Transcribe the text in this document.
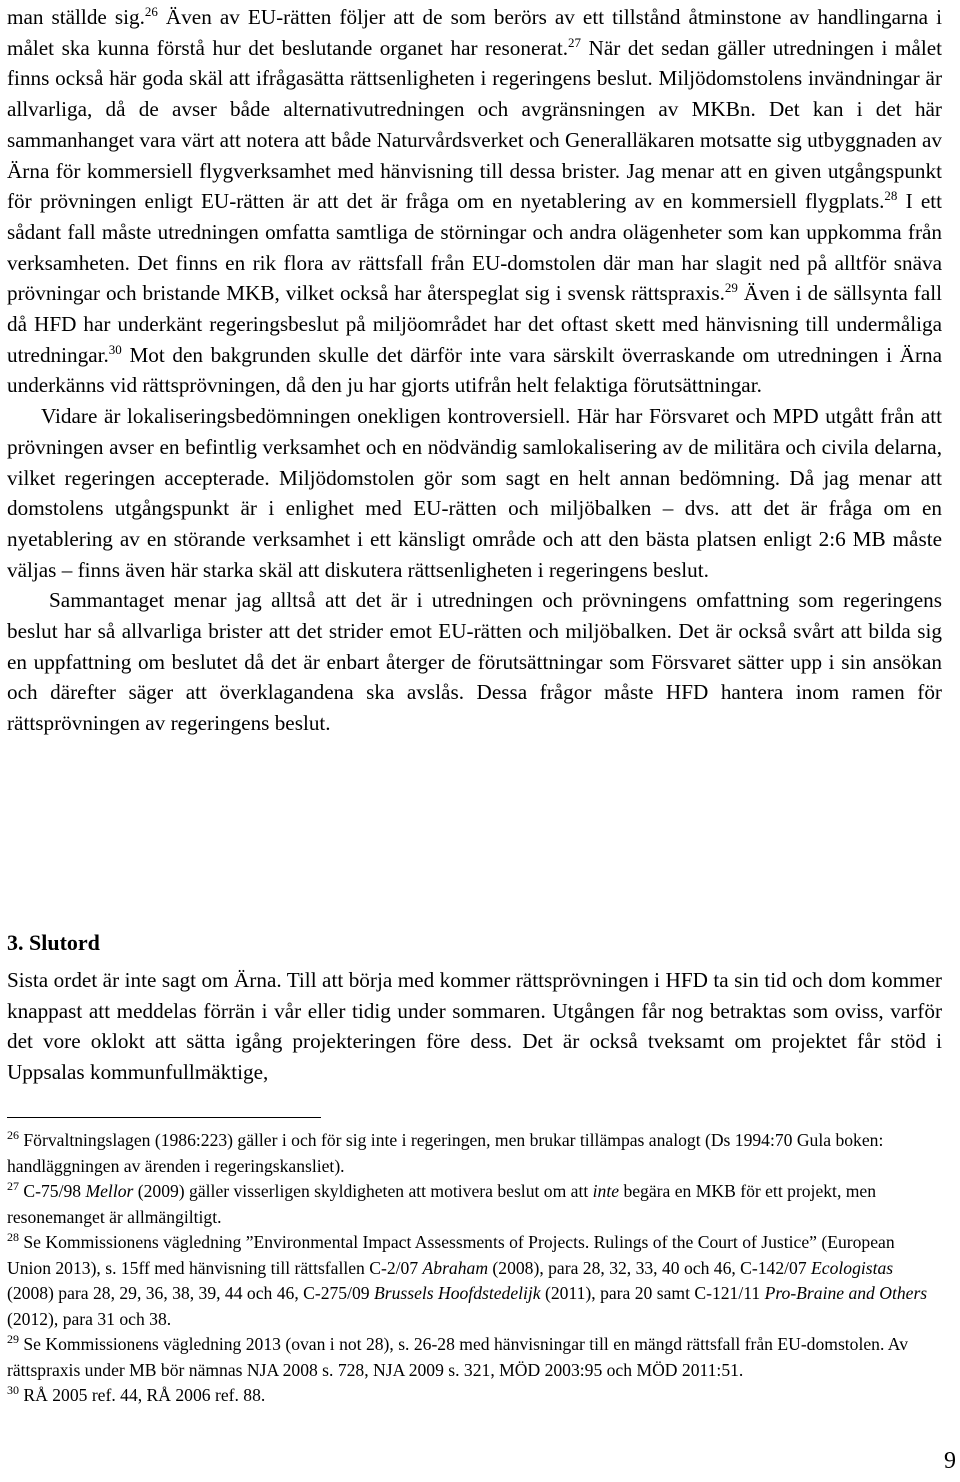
man ställde sig.$^{26}$ Även av EU-rätten följer att de som berörs av ett tillstånd åtminstone av handlingarna i målet ska kunna förstå hur det beslutande organet har resonerat.$^{27}$ När det sedan gäller utredningen i målet finns också här goda skäl att ifrågasätta rättsenligheten i regeringens beslut. Miljödomstolens invändningar är allvarliga, då de avser både alternativutredningen och avgränsningen av MKBn. Det kan i det här sammanhanget vara värt att notera att både Naturvårdsverket och Generalläkaren motsatte sig utbyggnaden av Ärna för kommersiell flygverksamhet med hänvisning till dessa brister. Jag menar att en given utgångspunkt för prövningen enligt EU-rätten är att det är fråga om en nyetablering av en kommersiell flygplats.$^{28}$ I ett sådant fall måste utredningen omfatta samtliga de störningar och andra olägenheter som kan uppkomma från verksamheten. Det finns en rik flora av rättsfall från EU-domstolen där man har slagit ned på alltför snäva prövningar och bristande MKB, vilket också har återspeglat sig i svensk rättspraxis.$^{29}$ Även i de sällsynta fall då HFD har underkänt regeringsbeslut på miljöområdet har det oftast skett med hänvisning till undermåliga utredningar.$^{30}$ Mot den bakgrunden skulle det därför inte vara särskilt överraskande om utredningen i Ärna underkänns vid rättsprövningen, då den ju har gjorts utifrån helt felaktiga förutsättningar.

Vidare är lokaliseringsbedömningen onekligen kontroversiell. Här har Försvaret och MPD utgått från att prövningen avser en befintlig verksamhet och en nödvändig samlokalisering av de militära och civila delarna, vilket regeringen accepterade. Miljödomstolen gör som sagt en helt annan bedömning. Då jag menar att domstolens utgångspunkt är i enlighet med EU-rätten och miljöbalken – dvs. att det är fråga om en nyetablering av en störande verksamhet i ett känsligt område och att den bästa platsen enligt 2:6 MB måste väljas – finns även här starka skäl att diskutera rättsenligheten i regeringens beslut.

Sammantaget menar jag alltså att det är i utredningen och prövningens omfattning som regeringens beslut har så allvarliga brister att det strider emot EU-rätten och miljöbalken. Det är också svårt att bilda sig en uppfattning om beslutet då det är enbart återger de förutsättningar som Försvaret sätter upp i sin ansökan och därefter säger att överklagandena ska avslås. Dessa frågor måste HFD hantera inom ramen för rättsprövningen av regeringens beslut.

3. Slutord

Sista ordet är inte sagt om Ärna. Till att börja med kommer rättsprövningen i HFD ta sin tid och dom kommer knappast att meddelas förrän i vår eller tidig under sommaren. Utgången får nog betraktas som oviss, varför det vore oklokt att sätta igång projekteringen före dess. Det är också tveksamt om projektet får stöd i Uppsalas kommunfullmäktige,

$^{26}$ Förvaltningslagen (1986:223) gäller i och för sig inte i regeringen, men brukar tillämpas analogt (Ds 1994:70 Gula boken: handläggningen av ärenden i regeringskansliet).

$^{27}$ C-75/98 Mellor (2009) gäller visserligen skyldigheten att motivera beslut om att inte begära en MKB för ett projekt, men resonemanget är allmängiltigt.

$^{28}$ Se Kommissionens vägledning ”Environmental Impact Assessments of Projects. Rulings of the Court of Justice” (European Union 2013), s. 15ff med hänvisning till rättsfallen C-2/07 Abraham (2008), para 28, 32, 33, 40 och 46, C-142/07 Ecologistas (2008) para 28, 29, 36, 38, 39, 44 och 46, C-275/09 Brussels Hoofdstedelijk (2011), para 20 samt C-121/11 Pro-Braine and Others (2012), para 31 och 38.

$^{29}$ Se Kommissionens vägledning 2013 (ovan i not 28), s. 26-28 med hänvisningar till en mängd rättsfall från EU-domstolen. Av rättspraxis under MB bör nämnas NJA 2008 s. 728, NJA 2009 s. 321, MÖD 2003:95 och MÖD 2011:51.

$^{30}$ RÅ 2005 ref. 44, RÅ 2006 ref. 88.

9
